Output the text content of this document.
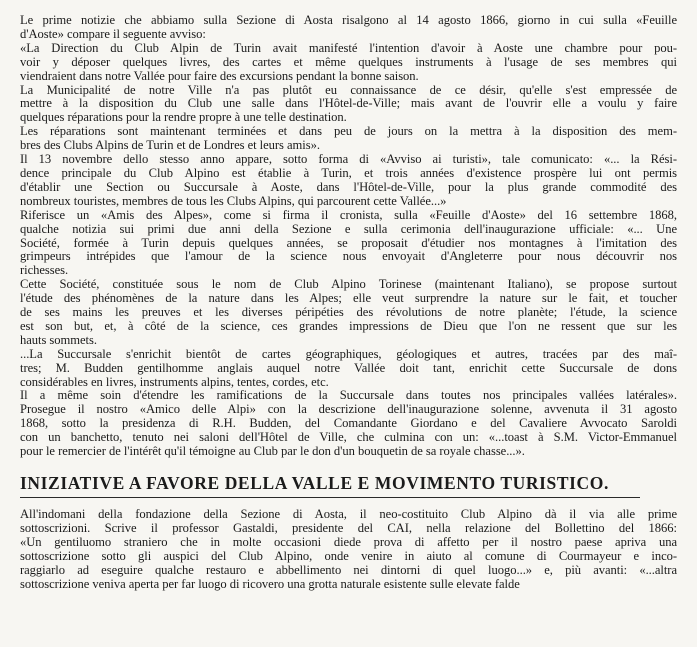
Le prime notizie che abbiamo sulla Sezione di Aosta risalgono al 14 agosto 1866, giorno in cui sulla «Feuille
d'Aoste» compare il seguente avviso:
«La Direction du Club Alpin de Turin avait manifesté l'intention d'avoir à Aoste une chambre pour pou-
voir y déposer quelques livres, des cartes et même quelques instruments à l'usage de ses membres qui
viendraient dans notre Vallée pour faire des excursions pendant la bonne saison.
La Municipalité de notre Ville n'a pas plutôt eu connaissance de ce désir, qu'elle s'est empressée de
mettre à la disposition du Club une salle dans l'Hôtel-de-Ville; mais avant de l'ouvrir elle a voulu y faire
quelques réparations pour la rendre propre à une telle destination.
Les réparations sont maintenant terminées et dans peu de jours on la mettra à la disposition des mem-
bres des Clubs Alpins de Turin et de Londres et leurs amis».
Il 13 novembre dello stesso anno appare, sotto forma di «Avviso ai turisti», tale comunicato: «... la Rési-
dence principale du Club Alpino est établie à Turin, et trois années d'existence prospère lui ont permis
d'établir une Section ou Succursale à Aoste, dans l'Hôtel-de-Ville, pour la plus grande commodité des
nombreux touristes, membres de tous les Clubs Alpins, qui parcourent cette Vallée...»
Riferisce un «Amis des Alpes», come si firma il cronista, sulla «Feuille d'Aoste» del 16 settembre 1868,
qualche notizia sui primi due anni della Sezione e sulla cerimonia dell'inaugurazione ufficiale: «... Une
Société, formée à Turin depuis quelques années, se proposait d'étudier nos montagnes à l'imitation des
grimpeurs intrépides que l'amour de la science nous envoyait d'Angleterre pour nous découvrir nos
richesses.
Cette Société, constituée sous le nom de Club Alpino Torinese (maintenant Italiano), se propose surtout
l'étude des phénomènes de la nature dans les Alpes; elle veut surprendre la nature sur le fait, et toucher
de ses mains les preuves et les diverses péripéties des révolutions de notre planète; l'étude, la science
est son but, et, à côté de la science, ces grandes impressions de Dieu que l'on ne ressent que sur les
hauts sommets.
...La Succursale s'enrichit bientôt de cartes géographiques, géologiques et autres, tracées par des maî-
tres; M. Budden gentilhomme anglais auquel notre Vallée doit tant, enrichit cette Succursale de dons
considérables en livres, instruments alpins, tentes, cordes, etc.
Il a même soin d'étendre les ramifications de la Succursale dans toutes nos principales vallées latérales».
Prosegue il nostro «Amico delle Alpi» con la descrizione dell'inaugurazione solenne, avvenuta il 31 agosto
1868, sotto la presidenza di R.H. Budden, del Comandante Giordano e del Cavaliere Avvocato Saroldi
con un banchetto, tenuto nei saloni dell'Hôtel de Ville, che culmina con un: «...toast à S.M. Victor-Emmanuel
pour le remercier de l'intérêt qu'il témoigne au Club par le don d'un bouquetin de sa royale chasse...».
INIZIATIVE A FAVORE DELLA VALLE E MOVIMENTO TURISTICO.
All'indomani della fondazione della Sezione di Aosta, il neo-costituito Club Alpino dà il via alle prime
sottoscrizioni. Scrive il professor Gastaldi, presidente del CAI, nella relazione del Bollettino del 1866:
«Un gentiluomo straniero che in molte occasioni diede prova di affetto per il nostro paese apriva una
sottoscrizione sotto gli auspici del Club Alpino, onde venire in aiuto al comune di Courmayeur e inco-
raggiarlo ad eseguire qualche restauro e abbellimento nei dintorni di quel luogo...» e, più avanti: «...altra
sottoscrizione veniva aperta per far luogo di ricovero una grotta naturale esistente sulle elevate falde
